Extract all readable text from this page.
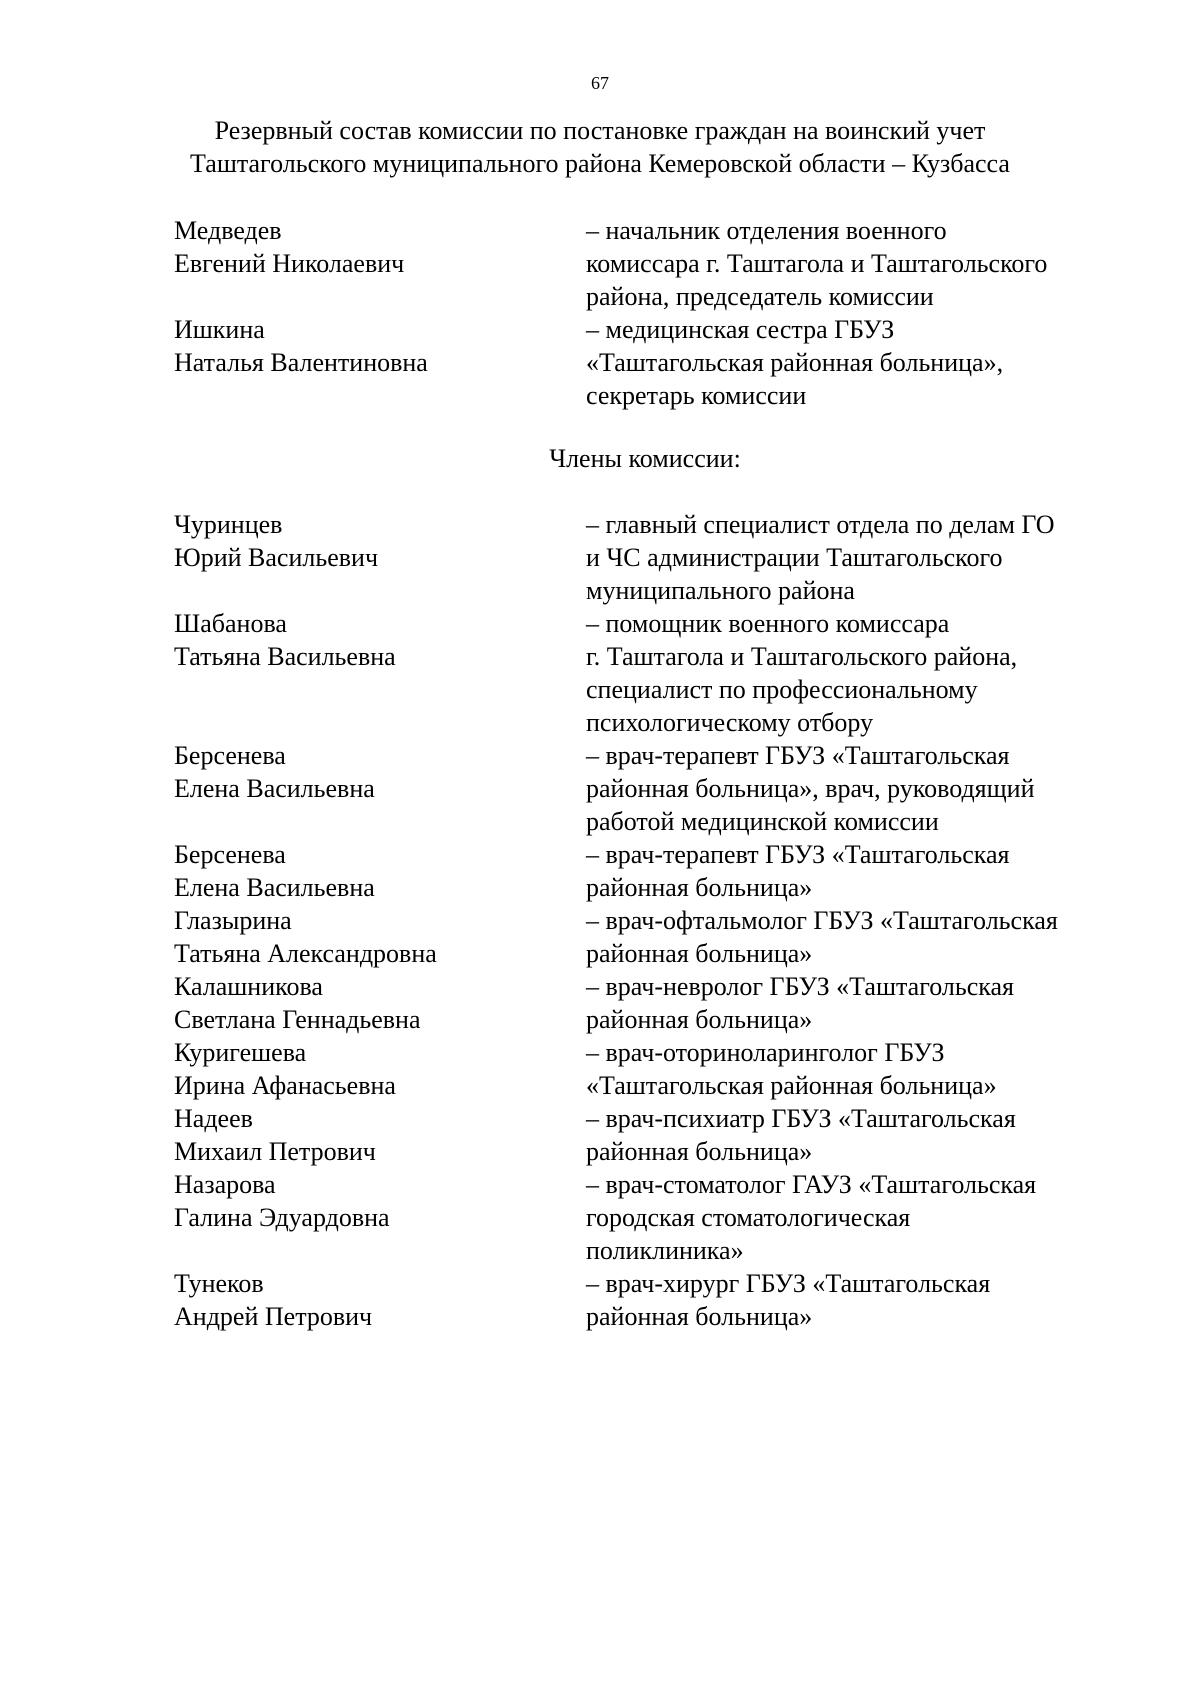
67
Резервный состав комиссии по постановке граждан на воинский учет
Таштагольского муниципального района Кемеровской области – Кузбасса
Медведев
Евгений Николаевич
– начальник отделения военного
комиссара г. Таштагола и Таштагольского
района, председатель комиссии
Ишкина
Наталья Валентиновна
– медицинская сестра ГБУЗ
«Таштагольская районная больница»,
секретарь комиссии
Члены комиссии:
Чуринцев
Юрий Васильевич
– главный специалист отдела по делам ГО
и ЧС администрации Таштагольского
муниципального района
Шабанова
Татьяна Васильевна
– помощник военного комиссара
г. Таштагола и Таштагольского района,
специалист по профессиональному
психологическому отбору
Берсенева
Елена Васильевна
– врач-терапевт ГБУЗ «Таштагольская
районная больница», врач, руководящий
работой медицинской комиссии
Берсенева
Елена Васильевна
– врач-терапевт ГБУЗ «Таштагольская
районная больница»
Глазырина
Татьяна Александровна
– врач-офтальмолог ГБУЗ «Таштагольская
районная больница»
Калашникова
Светлана Геннадьевна
– врач-невролог ГБУЗ «Таштагольская
районная больница»
Куригешева
Ирина Афанасьевна
– врач-оториноларинголог ГБУЗ
«Таштагольская районная больница»
Надеев
Михаил Петрович
– врач-психиатр ГБУЗ «Таштагольская
районная больница»
Назарова
Галина Эдуардовна
– врач-стоматолог ГАУЗ «Таштагольская
городская стоматологическая
поликлиника»
Тунеков
Андрей Петрович
– врач-хирург ГБУЗ «Таштагольская
районная больница»
